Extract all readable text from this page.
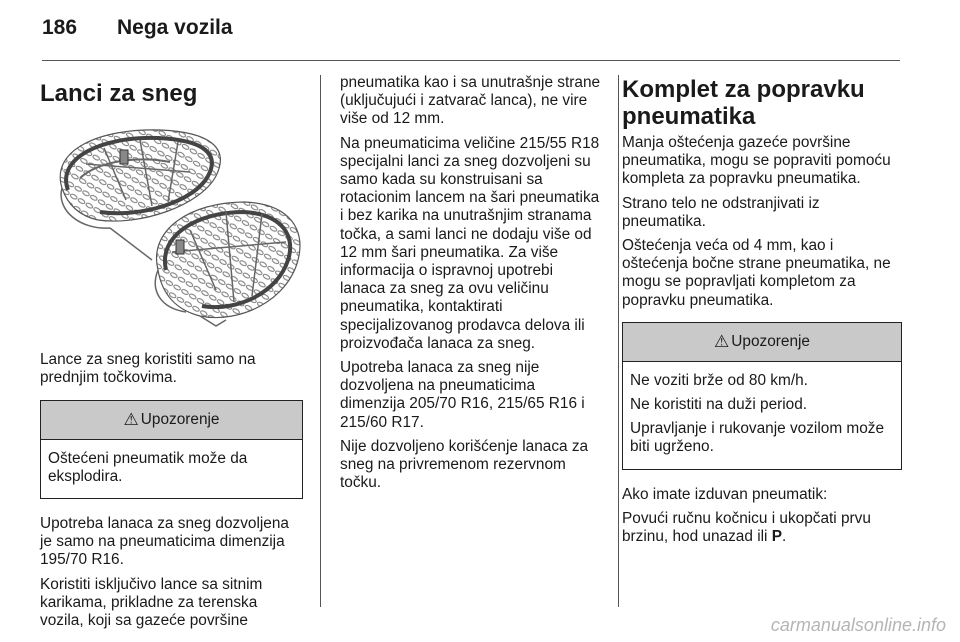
186	Nega vozila
Lanci za sneg

Lance za sneg koristiti samo na prednjim točkovima.

⚠ Upozorenje

Oštećeni pneumatik može da eksplodira.

Upotreba lanaca za sneg dozvoljena je samo na pneumaticima dimenzija 195/70 R16.

Koristiti isključivo lance sa sitnim karikama, prikladne za terenska vozila, koji sa gazeće površine

pneumatika kao i sa unutrašnje strane (uključujući i zatvarač lanca), ne vire više od 12 mm.

Na pneumaticima veličine 215/55 R18 specijalni lanci za sneg dozvoljeni su samo kada su konstruisani sa rotacionim lancem na šari pneumatika i bez karika na unutrašnjim stranama točka, a sami lanci ne dodaju više od 12 mm šari pneumatika. Za više informacija o ispravnoj upotrebi lanaca za sneg za ovu veličinu pneumatika, kontaktirati specijalizovanog prodavca delova ili proizvođača lanaca za sneg.

Upotreba lanaca za sneg nije dozvoljena na pneumaticima dimenzija 205/70 R16, 215/65 R16 i 215/60 R17.

Nije dozvoljeno korišćenje lanaca za sneg na privremenom rezervnom točku.

Komplet za popravku pneumatika

Manja oštećenja gazeće površine pneumatika, mogu se popraviti pomoću kompleta za popravku pneumatika.

Strano telo ne odstranjivati iz pneumatika.

Oštećenja veća od 4 mm, kao i oštećenja bočne strane pneumatika, ne mogu se popravljati kompletom za popravku pneumatika.

⚠ Upozorenje

Ne voziti brže od 80 km/h.

Ne koristiti na duži period.

Upravljanje i rukovanje vozilom može biti ugrženo.

Ako imate izduvan pneumatik:

Povući ručnu kočnicu i ukopčati prvu brzinu, hod unazad ili P.

carmanualsonline.info
